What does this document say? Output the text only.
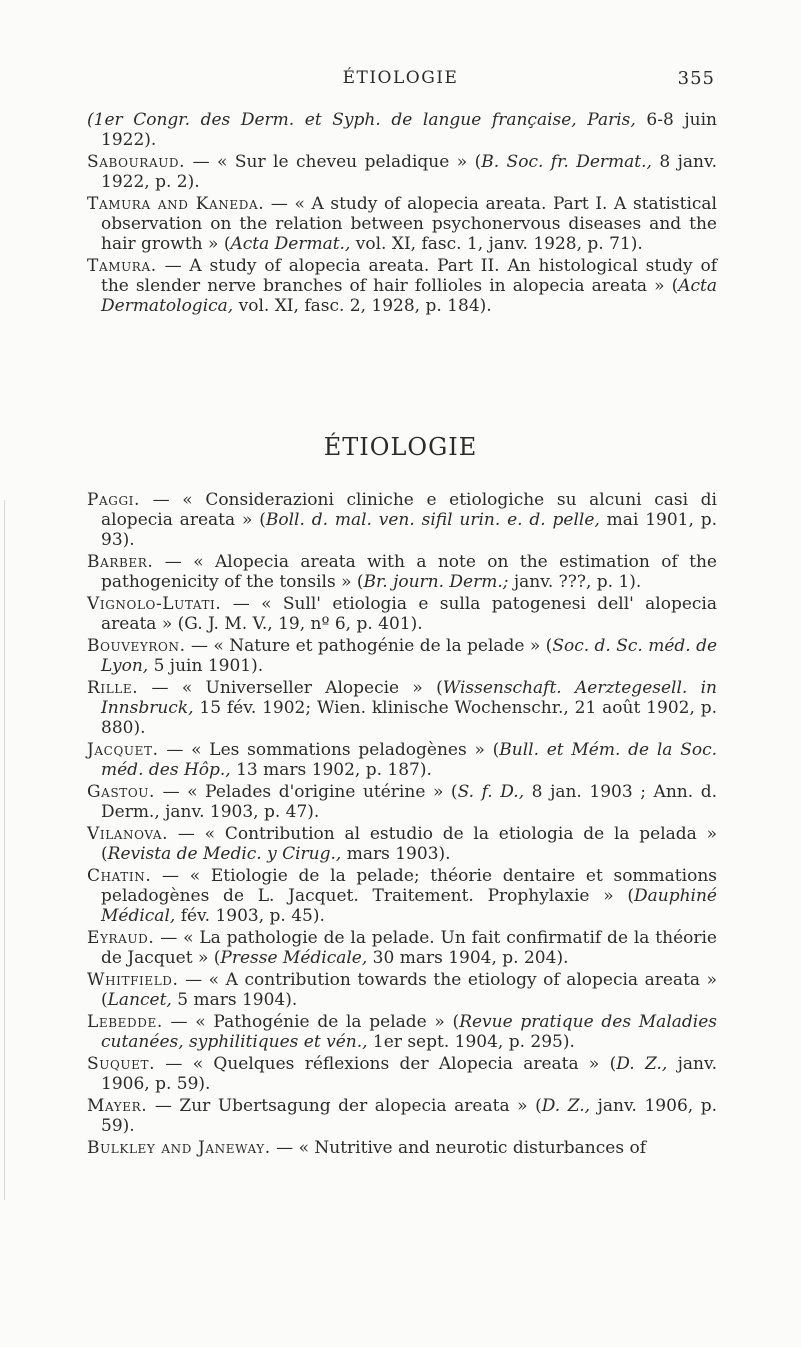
ÉTIOLOGIE	355

(1er Congr. des Derm. et Syph. de langue française, Paris, 6-8 juin 1922).

Sabouraud. — « Sur le cheveu peladique » (B. Soc. fr. Dermat., 8 janv. 1922, p. 2).

Tamura and Kaneda. — « A study of alopecia areata. Part I. A statistical observation on the relation between psychonervous diseases and the hair growth » (Acta Dermat., vol. XI, fasc. 1, janv. 1928, p. 71).

Tamura. — A study of alopecia areata. Part II. An histological study of the slender nerve branches of hair follioles in alopecia areata » (Acta Dermatologica, vol. XI, fasc. 2, 1928, p. 184).

ÉTIOLOGIE

Paggi. — « Considerazioni cliniche e etiologiche su alcuni casi di alopecia areata » (Boll. d. mal. ven. sifil urin. e. d. pelle, mai 1901, p. 93).

Barber. — « Alopecia areata with a note on the estimation of the pathogenicity of the tonsils » (Br. journ. Derm.; janv. ???, p. 1).

Vignolo-Lutati. — « Sull' etiologia e sulla patogenesi dell' alopecia areata » (G. J. M. V., 19, nº 6, p. 401).

Bouveyron. — « Nature et pathogénie de la pelade » (Soc. d. Sc. méd. de Lyon, 5 juin 1901).

Rille. — « Universeller Alopecie » (Wissenschaft. Aerztegesell. in Innsbruck, 15 fév. 1902; Wien. klinische Wochenschr., 21 août 1902, p. 880).

Jacquet. — « Les sommations peladogènes » (Bull. et Mém. de la Soc. méd. des Hôp., 13 mars 1902, p. 187).

Gastou. — « Pelades d'origine utérine » (S. f. D., 8 jan. 1903 ; Ann. d. Derm., janv. 1903, p. 47).

Vilanova. — « Contribution al estudio de la etiologia de la pelada » (Revista de Medic. y Cirug., mars 1903).

Chatin. — « Etiologie de la pelade; théorie dentaire et sommations peladogènes de L. Jacquet. Traitement. Prophylaxie » (Dauphiné Médical, fév. 1903, p. 45).

Eyraud. — « La pathologie de la pelade. Un fait confirmatif de la théorie de Jacquet » (Presse Médicale, 30 mars 1904, p. 204).

Whitfield. — « A contribution towards the etiology of alopecia areata » (Lancet, 5 mars 1904).

Lebedde. — « Pathogénie de la pelade » (Revue pratique des Maladies cutanées, syphilitiques et vén., 1er sept. 1904, p. 295).

Suquet. — « Quelques réflexions der Alopecia areata » (D. Z., janv. 1906, p. 59).

Mayer. — Zur Ubertsagung der alopecia areata » (D. Z., janv. 1906, p. 59).

Bulkley and Janeway. — « Nutritive and neurotic disturbances of
